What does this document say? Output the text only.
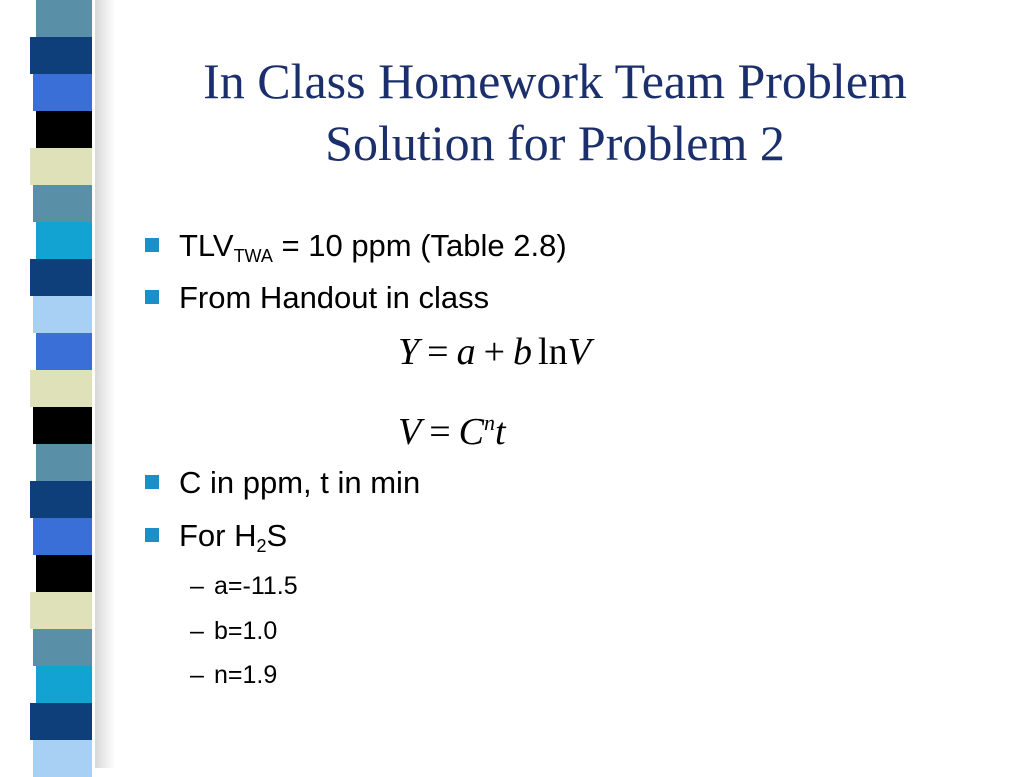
In Class Homework Team Problem
Solution for Problem 2
$TLV_{TWA} = 10$ ppm (Table 2.8)
From Handout in class
Y = a + b lnV
$V = C^nt$
C in ppm, t in min
For $H_2S$
– a=-11.5
– b=1.0
– n=1.9
